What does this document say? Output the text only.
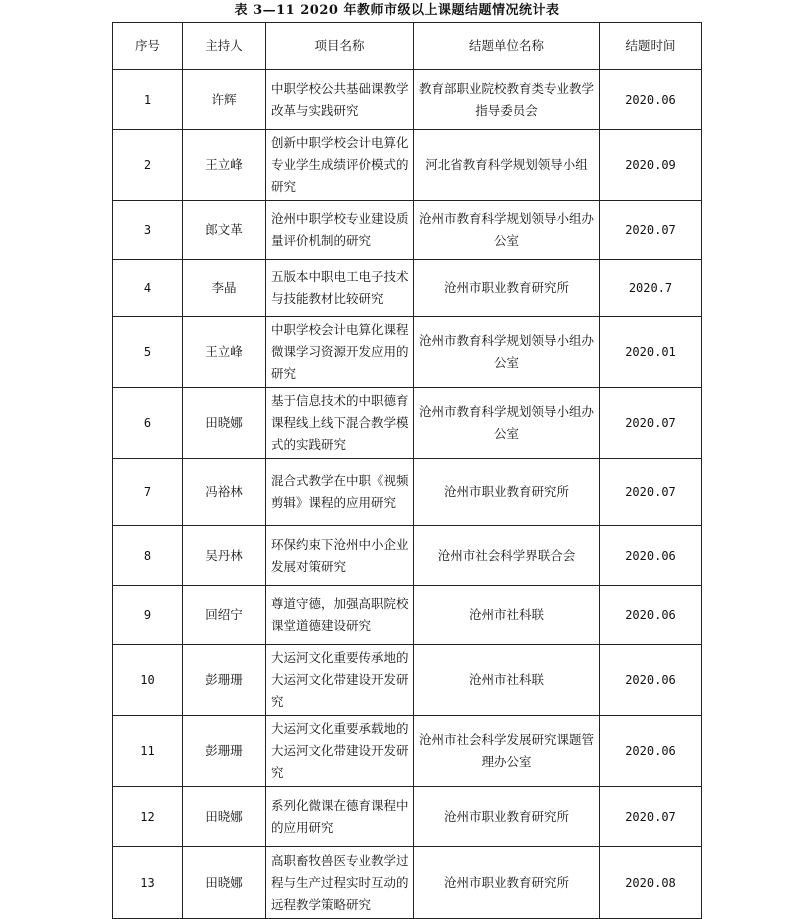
表 3—11 2020 年教师市级以上课题结题情况统计表
序号	主持人	项目名称	结题单位名称	结题时间
1	许辉	中职学校公共基础课教学改革与实践研究	教育部职业院校教育类专业教学指导委员会	2020.06
2	王立峰	创新中职学校会计电算化专业学生成绩评价模式的研究	河北省教育科学规划领导小组	2020.09
3	郎文革	沧州中职学校专业建设质量评价机制的研究	沧州市教育科学规划领导小组办公室	2020.07
4	李晶	五版本中职电工电子技术与技能教材比较研究	沧州市职业教育研究所	2020.7
5	王立峰	中职学校会计电算化课程微课学习资源开发应用的研究	沧州市教育科学规划领导小组办公室	2020.01
6	田晓娜	基于信息技术的中职德育课程线上线下混合教学模式的实践研究	沧州市教育科学规划领导小组办公室	2020.07
7	冯裕林	混合式教学在中职《视频剪辑》课程的应用研究	沧州市职业教育研究所	2020.07
8	吴丹林	环保约束下沧州中小企业发展对策研究	沧州市社会科学界联合会	2020.06
9	回绍宁	尊道守德，加强高职院校课堂道德建设研究	沧州市社科联	2020.06
10	彭珊珊	大运河文化重要传承地的大运河文化带建设开发研究	沧州市社科联	2020.06
11	彭珊珊	大运河文化重要承载地的大运河文化带建设开发研究	沧州市社会科学发展研究课题管理办公室	2020.06
12	田晓娜	系列化微课在德育课程中的应用研究	沧州市职业教育研究所	2020.07
13	田晓娜	高职畜牧兽医专业教学过程与生产过程实时互动的远程教学策略研究	沧州市职业教育研究所	2020.08
